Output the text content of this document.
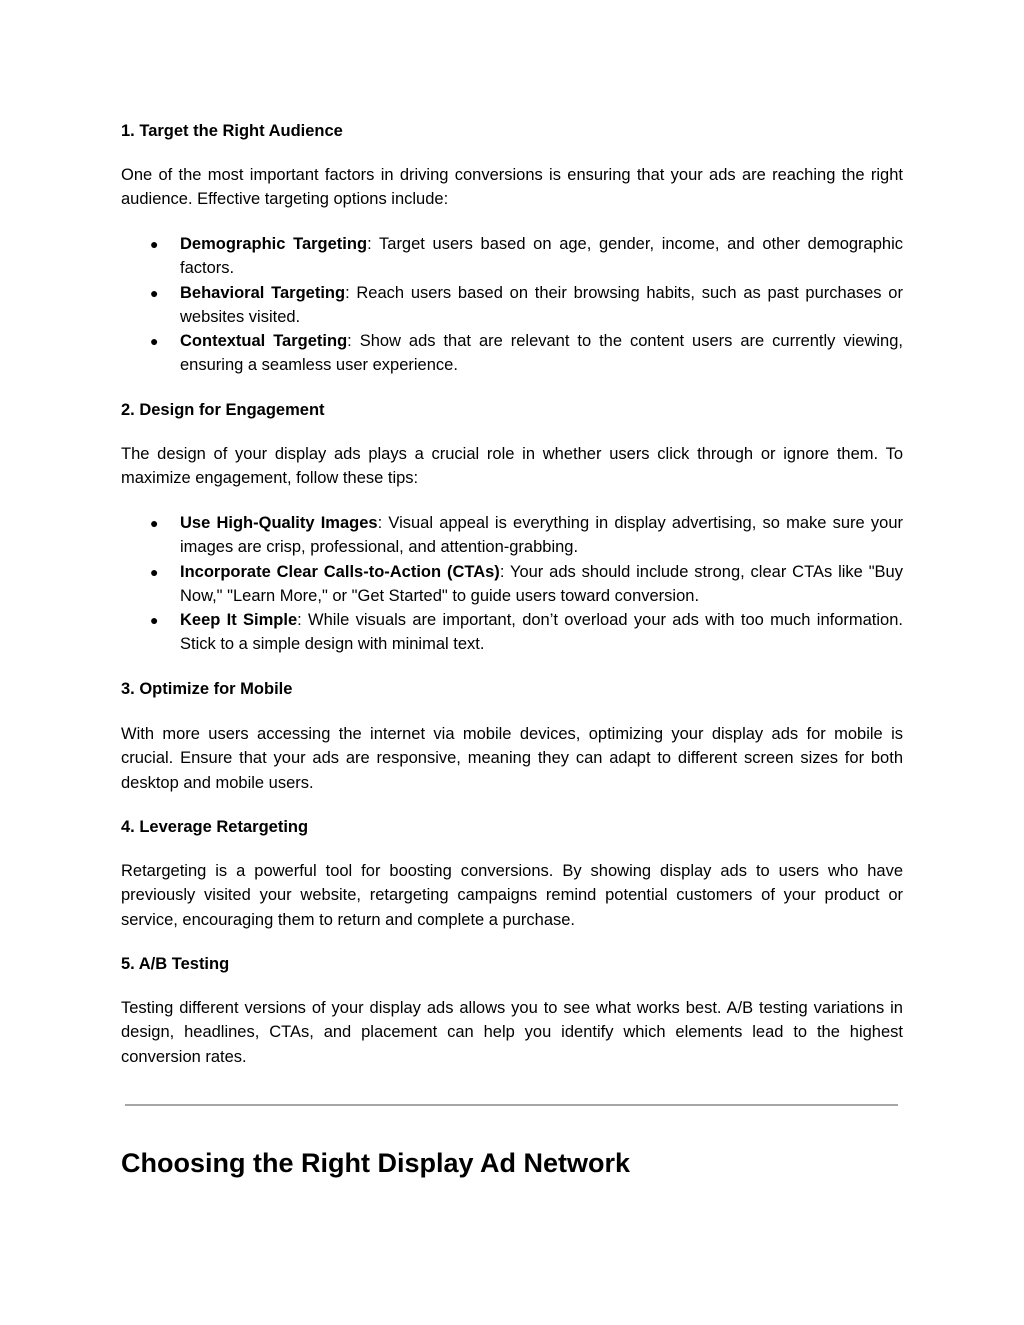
1. Target the Right Audience

One of the most important factors in driving conversions is ensuring that your ads are reaching the right audience. Effective targeting options include:

● Demographic Targeting: Target users based on age, gender, income, and other demographic factors.
● Behavioral Targeting: Reach users based on their browsing habits, such as past purchases or websites visited.
● Contextual Targeting: Show ads that are relevant to the content users are currently viewing, ensuring a seamless user experience.
2. Design for Engagement

The design of your display ads plays a crucial role in whether users click through or ignore them. To maximize engagement, follow these tips:

● Use High-Quality Images: Visual appeal is everything in display advertising, so make sure your images are crisp, professional, and attention-grabbing.
● Incorporate Clear Calls-to-Action (CTAs): Your ads should include strong, clear CTAs like "Buy Now," "Learn More," or "Get Started" to guide users toward conversion.
● Keep It Simple: While visuals are important, don’t overload your ads with too much information. Stick to a simple design with minimal text.
3. Optimize for Mobile

With more users accessing the internet via mobile devices, optimizing your display ads for mobile is crucial. Ensure that your ads are responsive, meaning they can adapt to different screen sizes for both desktop and mobile users.

4. Leverage Retargeting

Retargeting is a powerful tool for boosting conversions. By showing display ads to users who have previously visited your website, retargeting campaigns remind potential customers of your product or service, encouraging them to return and complete a purchase.

5. A/B Testing

Testing different versions of your display ads allows you to see what works best. A/B testing variations in design, headlines, CTAs, and placement can help you identify which elements lead to the highest conversion rates.

Choosing the Right Display Ad Network
